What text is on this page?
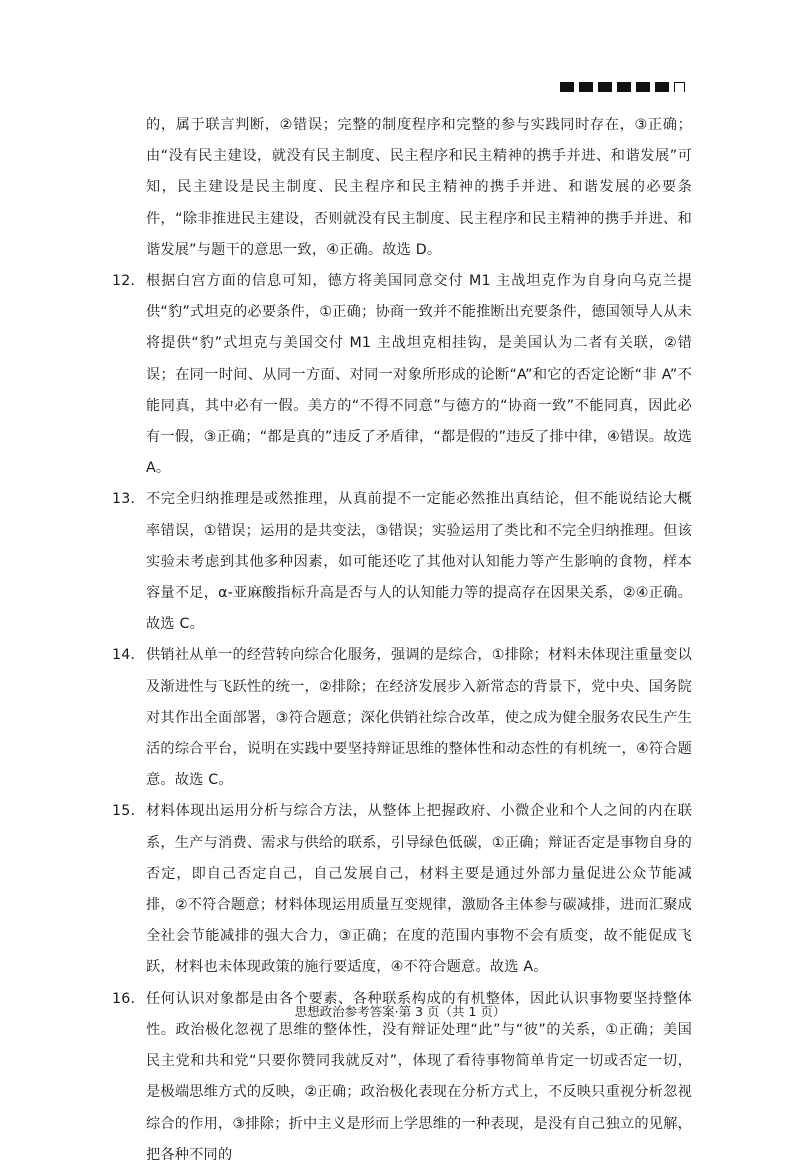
的，属于联言判断，②错误；完整的制度程序和完整的参与实践同时存在，③正确；由“没有民主建设，就没有民主制度、民主程序和民主精神的携手并进、和谐发展”可知，民主建设是民主制度、民主程序和民主精神的携手并进、和谐发展的必要条件，“除非推进民主建设，否则就没有民主制度、民主程序和民主精神的携手并进、和谐发展”与题干的意思一致，④正确。故选 D。

12． 根据白宫方面的信息可知，德方将美国同意交付 M1 主战坦克作为自身向乌克兰提供“豹”式坦克的必要条件，①正确；协商一致并不能推断出充要条件，德国领导人从未将提供“豹”式坦克与美国交付 M1 主战坦克相挂钩，是美国认为二者有关联，②错误；在同一时间、从同一方面、对同一对象所形成的论断“A”和它的否定论断“非 A”不能同真，其中必有一假。美方的“不得不同意”与德方的“协商一致”不能同真，因此必有一假，③正确；“都是真的”违反了矛盾律，“都是假的”违反了排中律，④错误。故选 A。

13． 不完全归纳推理是或然推理，从真前提不一定能必然推出真结论，但不能说结论大概率错误，①错误；运用的是共变法，③错误；实验运用了类比和不完全归纳推理。但该实验未考虑到其他多种因素，如可能还吃了其他对认知能力等产生影响的食物，样本容量不足，α-亚麻酸指标升高是否与人的认知能力等的提高存在因果关系，②④正确。故选 C。

14． 供销社从单一的经营转向综合化服务，强调的是综合，①排除；材料未体现注重量变以及渐进性与飞跃性的统一，②排除；在经济发展步入新常态的背景下，党中央、国务院对其作出全面部署，③符合题意；深化供销社综合改革，使之成为健全服务农民生产生活的综合平台，说明在实践中要坚持辩证思维的整体性和动态性的有机统一，④符合题意。故选 C。

15． 材料体现出运用分析与综合方法，从整体上把握政府、小微企业和个人之间的内在联系，生产与消费、需求与供给的联系，引导绿色低碳，①正确；辩证否定是事物自身的否定，即自己否定自己，自己发展自己，材料主要是通过外部力量促进公众节能减排，②不符合题意；材料体现运用质量互变规律，激励各主体参与碳减排，进而汇聚成全社会节能减排的强大合力，③正确；在度的范围内事物不会有质变，故不能促成飞跃，材料也未体现政策的施行要适度，④不符合题意。故选 A。

16． 任何认识对象都是由各个要素、各种联系构成的有机整体，因此认识事物要坚持整体性。政治极化忽视了思维的整体性，没有辩证处理“此”与“彼”的关系，①正确；美国民主党和共和党“只要你赞同我就反对”，体现了看待事物简单肯定一切或否定一切，是极端思维方式的反映，②正确；政治极化表现在分析方式上，不反映只重视分析忽视综合的作用，③排除；折中主义是形而上学思维的一种表现，是没有自己独立的见解，把各种不同的

思想政治参考答案·第 3 页（共 1 页）
